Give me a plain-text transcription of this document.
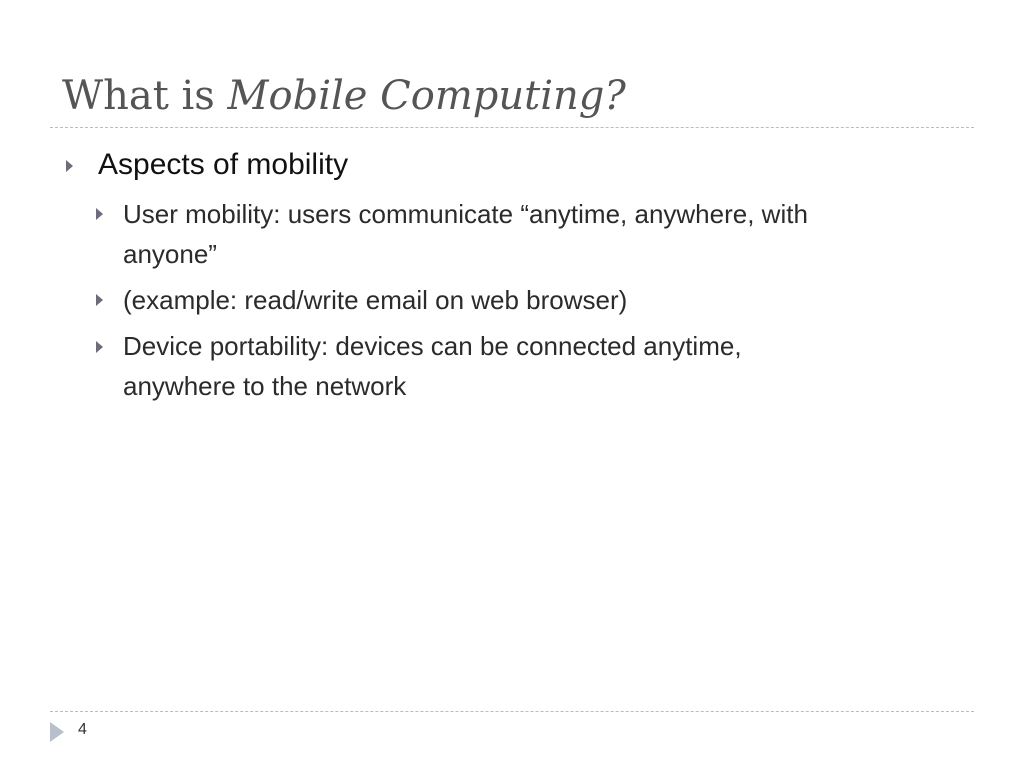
What is Mobile Computing?
Aspects of mobility
User mobility: users communicate “anytime, anywhere, with
anyone”
(example: read/write email on web browser)
Device portability: devices can be connected anytime,
anywhere to the network
4
